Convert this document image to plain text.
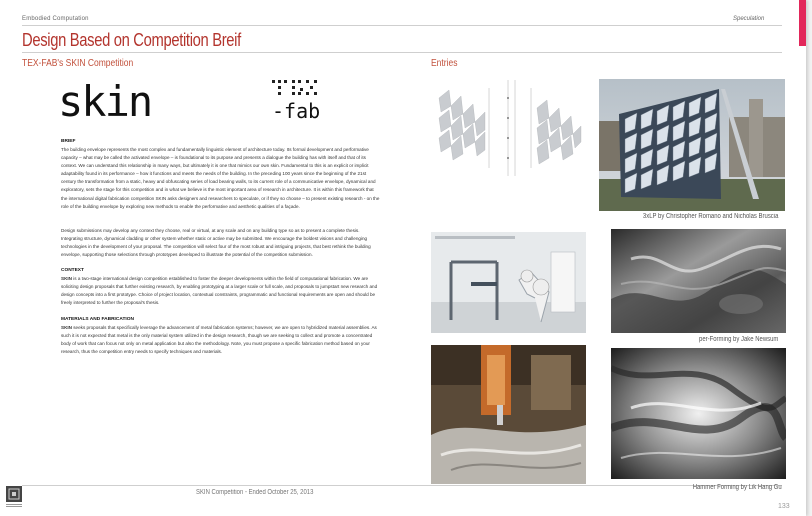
Embodied Computation	Speculation
Design Based on Competition Breif
TEX-FAB's SKIN Competition	Entries
skin	-fab
BRIEF

The building envelope represents the most complex and fundamentally linguistic element of architecture today. Its formal development and performative capacity – what may be called the activated envelope – is foundational to its purpose and presents a dialogue the building has with itself and that of its context. We can understand this relationship in many ways, but ultimately it is one that mimics our own skin. Fundamental to this is an explicit or implicit adaptability found in its performance – how it functions and meets the needs of the building. In the preceding 100 years since the beginning of the 21st century the transformation from a static, heavy and obfuscating series of load bearing walls, to its current role of a communicative envelope, dynamical and exploratory, sets the stage for this competition and in what we believe is the most important area of research in architecture. It is within this framework that the international digital fabrication competition SKIN asks designers and researchers to speculate, or if they so choose – to present existing research - on the role of the building envelope by exploring new methods to enable the performative and aesthetic qualities of a façade.

Design submissions may develop any context they choose, real or virtual, at any scale and on any building type so as to present a complete thesis. Integrating structure, dynamical cladding or other system whether static or active may be submitted. We encourage the boldest visions and challenging technologies in the development of your proposal. The competition will select four of the most robust and intriguing projects, that best rethink the building envelope, supporting those selections through prototypes developed to illustrate the potential of the competition submission.

CONTEXT

SKIN is a two-stage international design competition established to foster the deeper developments within the field of computational fabrication. We are soliciting design proposals that further existing research, by enabling prototyping at a larger scale or full scale, and proposals to jumpstart new research and design concepts into a first prototype. Choice of project location, contextual constraints, programmatic and functional requirements are open and should be freely interpreted to further the proposal's thesis.

MATERIALS AND FABRICATION

SKIN seeks proposals that specifically leverage the advancement of metal fabrication systems; however, we are open to hybridized material assemblies. As such it is not expected that metal is the only material system utilized in the design research, though we are seeking to collect and promote a concentrated body of work that can focus not only on metal application but also the methodology. Note, you must propose a specific fabrication method based on your research, thus the competition entry needs to specify techniques and materials.

SKIN Competition - Ended October 25, 2013
3xLP by Christopher Romano and Nicholas Bruscia
per-Forming by Jake Newsum
Hammer Forming by Lik Hang Gu
133
